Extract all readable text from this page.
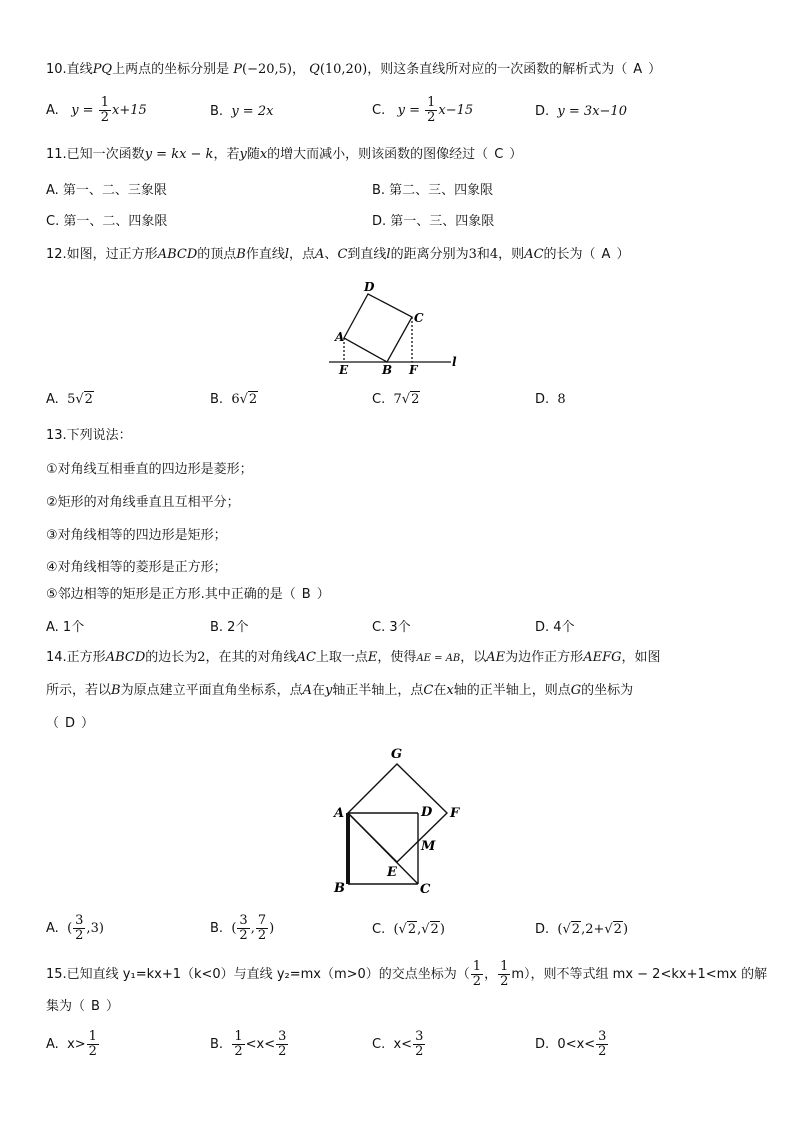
10.直线PQ上两点的坐标分别是 P(−20,5)， Q(10,20)，则这条直线所对应的一次函数的解析式为（ A ）
A. $y = \frac{1}{2} x+15$	B. y = 2x	C. $y = \frac{1}{2} x-15$	D. y = 3x−10
11.已知一次函数y = kx − k，若y随x的增大而减小，则该函数的图像经过（ C ）
A. 第一、二、三象限	B. 第二、三、四象限
C. 第一、二、四象限	D. 第一、三、四象限
12.如图，过正方形ABCD的顶点B作直线l，点A、C到直线l的距离分别为3和4，则AC的长为（ A ）
D
C
A
E	B F
l
A. 5√2	B. 6√2	C. 7√2	D. 8
13.下列说法：
①对角线互相垂直的四边形是菱形；
②矩形的对角线垂直且互相平分；
③对角线相等的四边形是矩形；
④对角线相等的菱形是正方形；
⑤邻边相等的矩形是正方形.其中正确的是（ B ）
A. 1个	B. 2个	C. 3个	D. 4个
14.正方形ABCD的边长为2，在其的对角线AC上取一点E，使得AE = AB，以AE为边作正方形AEFG，如图
所示，若以B为原点建立平面直角坐标系，点A在y轴正半轴上，点C在x轴的正半轴上，则点G的坐标为
（ D ）
G
A	D F
M
E
B	C
A. ( $\frac{3}{2} ,3$)	B. ( $\frac{3}{2}$ , $\frac{7}{2}$ )	C. (√2,√2)	D. (√2,2+√2)
15.已知直线 y₁=kx+1（k<0）与直线 y₂=mx（m>0）的交点坐标为（ $\frac{1}{2}$ ， $\frac{1}{2} m$），则不等式组 mx − 2<kx+1<mx 的解
集为（ B ）
A. $x> \frac{1}{2}$	B. $\frac{1}{2} <x< \frac{3}{2}$	C. $x< \frac{3}{2}$	D. $0<x< \frac{3}{2}$
